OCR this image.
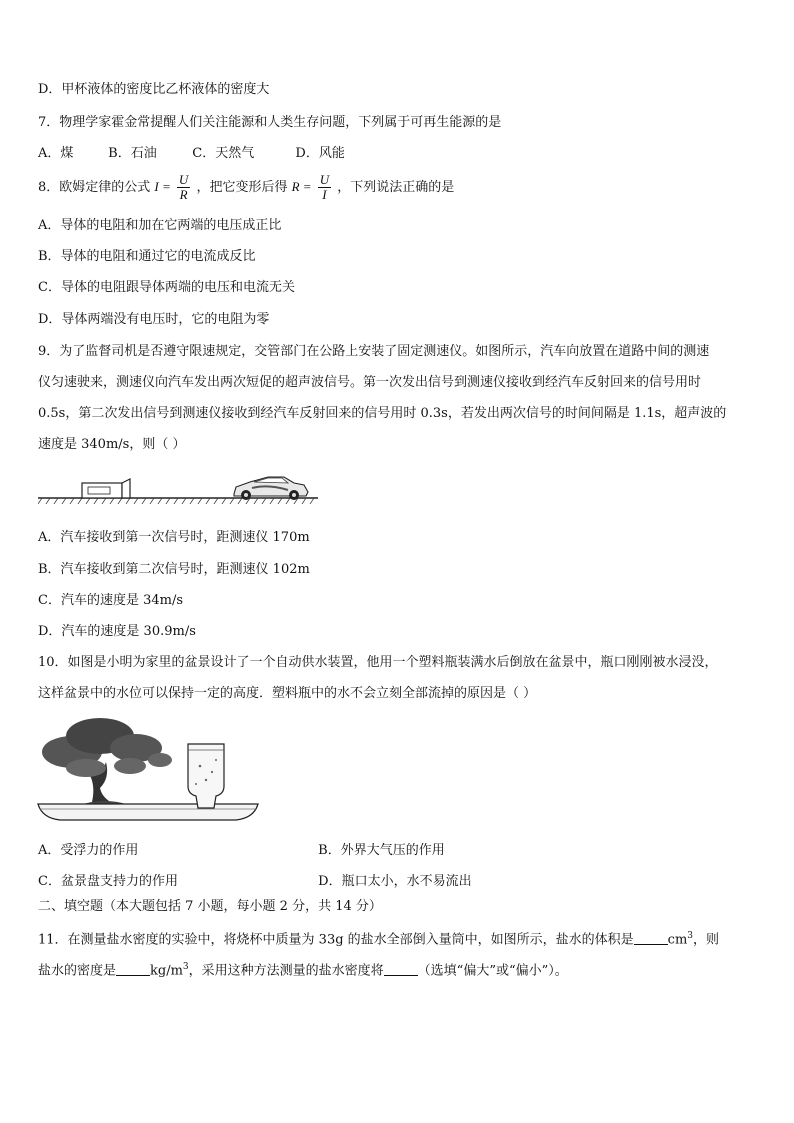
D．甲杯液体的密度比乙杯液体的密度大
7．物理学家霍金常提醒人们关注能源和人类生存问题，下列属于可再生能源的是
A．煤	B．石油	C．天然气	D．风能
8．欧姆定律的公式 $I = \frac{U}{R}$ ，把它变形后得 $R = \frac{U}{I}$ ，下列说法正确的是
A．导体的电阻和加在它两端的电压成正比
B．导体的电阻和通过它的电流成反比
C．导体的电阻跟导体两端的电压和电流无关
D．导体两端没有电压时，它的电阻为零
9．为了监督司机是否遵守限速规定，交管部门在公路上安装了固定测速仪。如图所示，汽车向放置在道路中间的测速
仪匀速驶来，测速仪向汽车发出两次短促的超声波信号。第一次发出信号到测速仪接收到经汽车反射回来的信号用时
0.5s，第二次发出信号到测速仪接收到经汽车反射回来的信号用时 0.3s，若发出两次信号的时间间隔是 1.1s，超声波的
速度是 340m/s，则（ ）
A．汽车接收到第一次信号时，距测速仪 170m
B．汽车接收到第二次信号时，距测速仪 102m
C．汽车的速度是 34m/s
D．汽车的速度是 30.9m/s
10．如图是小明为家里的盆景设计了一个自动供水装置，他用一个塑料瓶装满水后倒放在盆景中，瓶口刚刚被水浸没，
这样盆景中的水位可以保持一定的高度．塑料瓶中的水不会立刻全部流掉的原因是（ ）
A．受浮力的作用	B．外界大气压的作用
C．盆景盘支持力的作用	D．瓶口太小，水不易流出
二、填空题（本大题包括 7 小题，每小题 2 分，共 14 分）
11．在测量盐水密度的实验中，将烧杯中质量为 33g 的盐水全部倒入量筒中，如图所示，盐水的体积是	$cm^3$，则
盐水的密度是	$kg/m^3$，采用这种方法测量的盐水密度将	（选填“偏大”或“偏小”）。
